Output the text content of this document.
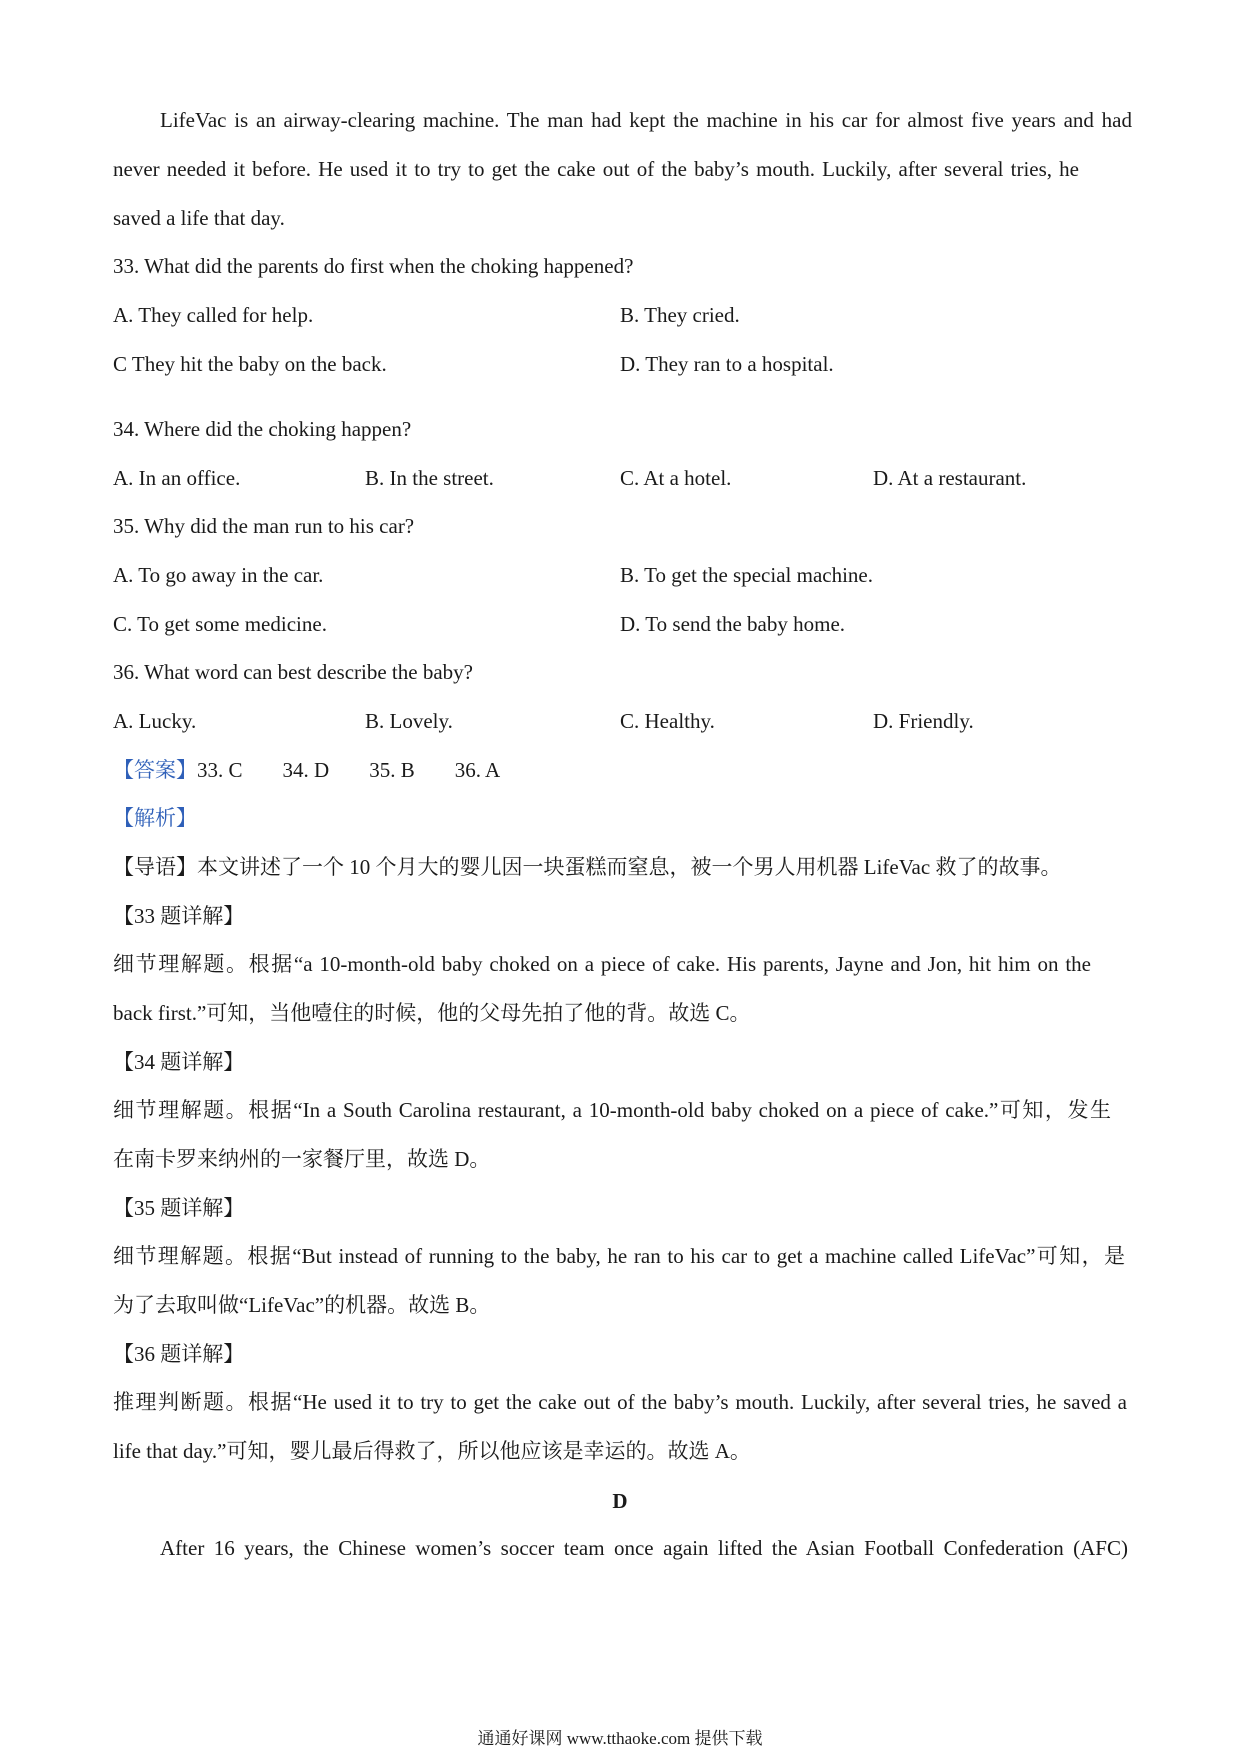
LifeVac is an airway-clearing machine. The man had kept the machine in his car for almost five years and had
never needed it before. He used it to try to get the cake out of the baby’s mouth. Luckily, after several tries, he
saved a life that day.
33. What did the parents do first when the choking happened?
A. They called for help.	B. They cried.
C They hit the baby on the back.	D. They ran to a hospital.
34. Where did the choking happen?
A. In an office.	B. In the street.	C. At a hotel.	D. At a restaurant.
35. Why did the man run to his car?
A. To go away in the car.	B. To get the special machine.
C. To get some medicine.	D. To send the baby home.
36. What word can best describe the baby?
A. Lucky.	B. Lovely.	C. Healthy.	D. Friendly.
【答案】33. C 34. D 35. B 36. A
【解析】
【导语】本文讲述了一个 10 个月大的婴儿因一块蛋糕而窒息，被一个男人用机器 LifeVac 救了的故事。
【33 题详解】
细节理解题。根据“a 10-month-old baby choked on a piece of cake. His parents, Jayne and Jon, hit him on the
back first.”可知，当他噎住的时候，他的父母先拍了他的背。故选 C。
【34 题详解】
细节理解题。根据“In a South Carolina restaurant, a 10-month-old baby choked on a piece of cake.”可知，发生
在南卡罗来纳州的一家餐厅里，故选 D。
【35 题详解】
细节理解题。根据“But instead of running to the baby, he ran to his car to get a machine called LifeVac”可知，是
为了去取叫做“LifeVac”的机器。故选 B。
【36 题详解】
推理判断题。根据“He used it to try to get the cake out of the baby’s mouth. Luckily, after several tries, he saved a
life that day.”可知，婴儿最后得救了，所以他应该是幸运的。故选 A。
D
After 16 years, the Chinese women’s soccer team once again lifted the Asian Football Confederation (AFC)
通通好课网 www.tthaoke.com 提供下载
